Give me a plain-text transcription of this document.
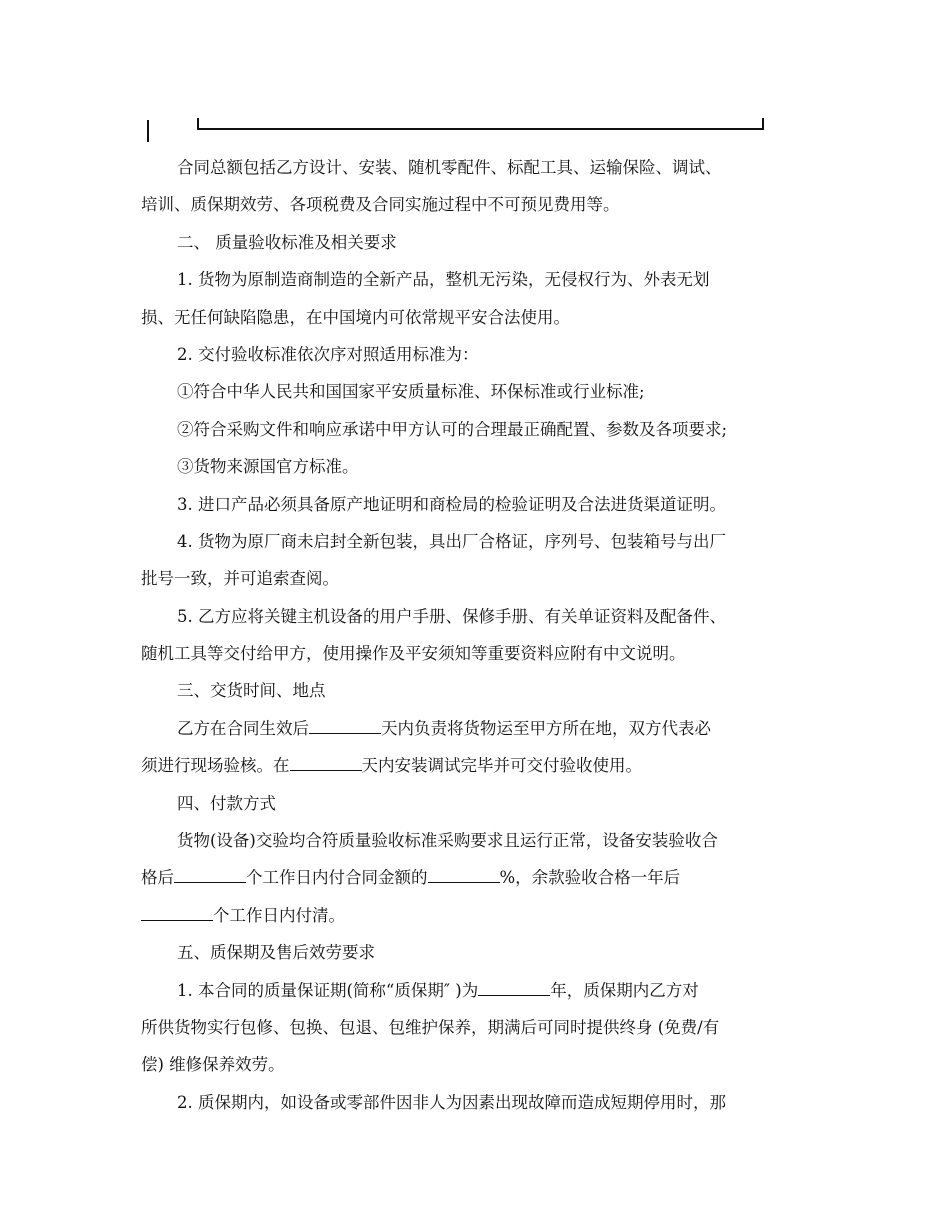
合同总额包括乙方设计、安装、随机零配件、标配工具、运输保险、调试、
培训、质保期效劳、各项税费及合同实施过程中不可预见费用等。
二、 质量验收标准及相关要求
1. 货物为原制造商制造的全新产品，整机无污染，无侵权行为、外表无划
损、无任何缺陷隐患，在中国境内可依常规平安合法使用。
2. 交付验收标准依次序对照适用标准为：
①符合中华人民共和国国家平安质量标准、环保标准或行业标准;
②符合采购文件和响应承诺中甲方认可的合理最正确配置、参数及各项要求;
③货物来源国官方标准。
3. 进口产品必须具备原产地证明和商检局的检验证明及合法进货渠道证明。
4. 货物为原厂商未启封全新包装，具出厂合格证，序列号、包装箱号与出厂
批号一致，并可追索查阅。
5. 乙方应将关键主机设备的用户手册、保修手册、有关单证资料及配备件、
随机工具等交付给甲方，使用操作及平安须知等重要资料应附有中文说明。
三、交货时间、地点
乙方在合同生效后	天内负责将货物运至甲方所在地，双方代表必
须进行现场验核。在	天内安装调试完毕并可交付验收使用。
四、付款方式
货物(设备)交验均合符质量验收标准采购要求且运行正常，设备安装验收合
格后	个工作日内付合同金额的	%，余款验收合格一年后
个工作日内付清。
五、质保期及售后效劳要求
1. 本合同的质量保证期(简称“质保期″ )为	年，质保期内乙方对
所供货物实行包修、包换、包退、包维护保养，期满后可同时提供终身 (免费/有
偿) 维修保养效劳。
2. 质保期内，如设备或零部件因非人为因素出现故障而造成短期停用时，那
